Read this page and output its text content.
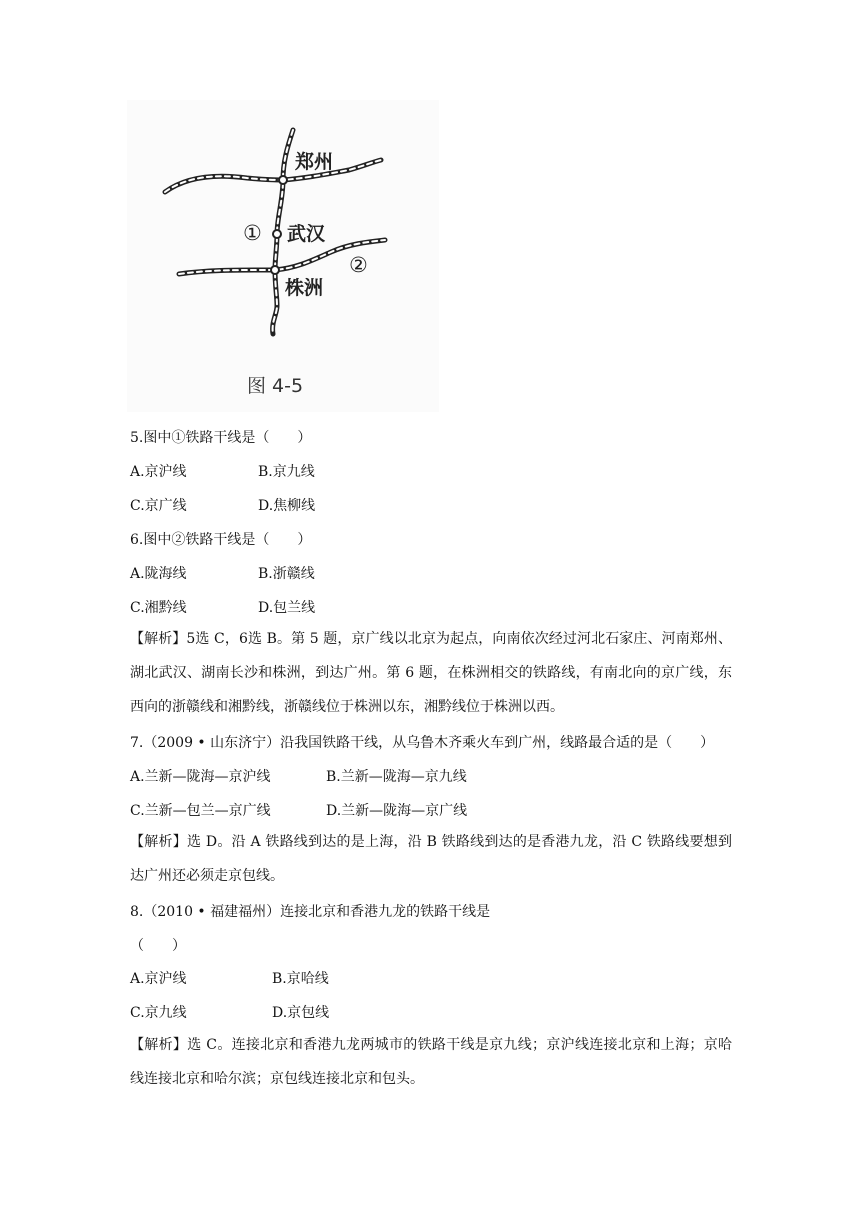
郑州
武汉
株洲
①
②
图 4-5
5.图中①铁路干线是（　　）
A.京沪线	B.京九线
C.京广线	D.焦柳线
6.图中②铁路干线是（　　）
A.陇海线	B.浙赣线
C.湘黔线	D.包兰线
【解析】5选 C，6选 B。第 5 题，京广线以北京为起点，向南依次经过河北石家庄、河南郑州、湖北武汉、湖南长沙和株洲，到达广州。第 6 题，在株洲相交的铁路线，有南北向的京广线，东西向的浙赣线和湘黔线，浙赣线位于株洲以东，湘黔线位于株洲以西。
7.（2009 • 山东济宁）沿我国铁路干线，从乌鲁木齐乘火车到广州，线路最合适的是（　　）
A.兰新—陇海—京沪线	B.兰新—陇海—京九线
C.兰新—包兰—京广线	D.兰新—陇海—京广线
【解析】选 D。沿 A 铁路线到达的是上海，沿 B 铁路线到达的是香港九龙，沿 C 铁路线要想到达广州还必须走京包线。
8.（2010 • 福建福州）连接北京和香港九龙的铁路干线是
（　　）
A.京沪线	B.京哈线
C.京九线	D.京包线
【解析】选 C。连接北京和香港九龙两城市的铁路干线是京九线；京沪线连接北京和上海；京哈线连接北京和哈尔滨；京包线连接北京和包头。
